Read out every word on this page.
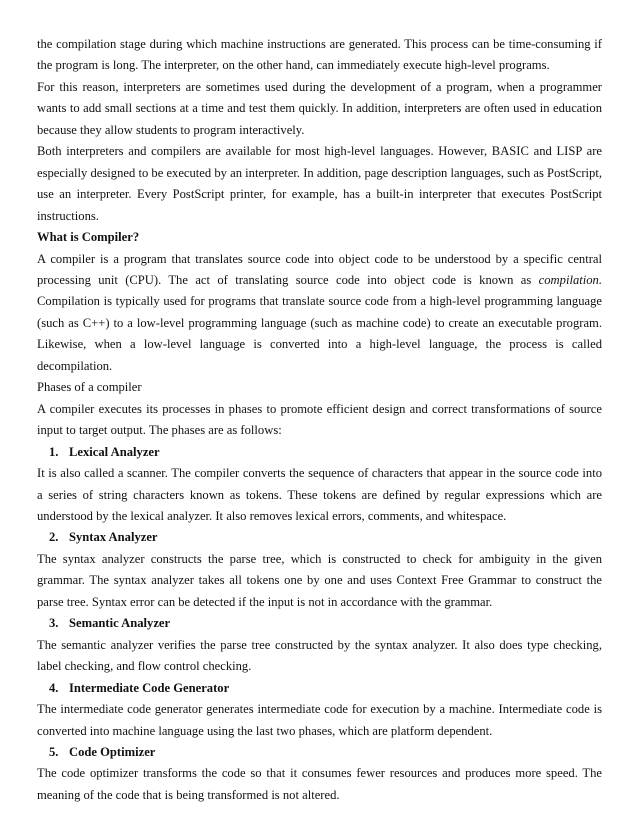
the compilation stage during which machine instructions are generated. This process can be time-consuming if the program is long. The interpreter, on the other hand, can immediately execute high-level programs.

For this reason, interpreters are sometimes used during the development of a program, when a programmer wants to add small sections at a time and test them quickly. In addition, interpreters are often used in education because they allow students to program interactively.

Both interpreters and compilers are available for most high-level languages. However, BASIC and LISP are especially designed to be executed by an interpreter. In addition, page description languages, such as PostScript, use an interpreter. Every PostScript printer, for example, has a built-in interpreter that executes PostScript instructions.

What is Compiler?

A compiler is a program that translates source code into object code to be understood by a specific central processing unit (CPU). The act of translating source code into object code is known as compilation. Compilation is typically used for programs that translate source code from a high-level programming language (such as C++) to a low-level programming language (such as machine code) to create an executable program. Likewise, when a low-level language is converted into a high-level language, the process is called decompilation.

Phases of a compiler

A compiler executes its processes in phases to promote efficient design and correct transformations of source input to target output. The phases are as follows:

1. Lexical Analyzer

It is also called a scanner. The compiler converts the sequence of characters that appear in the source code into a series of string characters known as tokens. These tokens are defined by regular expressions which are understood by the lexical analyzer. It also removes lexical errors, comments, and whitespace.

2. Syntax Analyzer

The syntax analyzer constructs the parse tree, which is constructed to check for ambiguity in the given grammar. The syntax analyzer takes all tokens one by one and uses Context Free Grammar to construct the parse tree. Syntax error can be detected if the input is not in accordance with the grammar.

3. Semantic Analyzer

The semantic analyzer verifies the parse tree constructed by the syntax analyzer. It also does type checking, label checking, and flow control checking.

4. Intermediate Code Generator

The intermediate code generator generates intermediate code for execution by a machine. Intermediate code is converted into machine language using the last two phases, which are platform dependent.

5. Code Optimizer

The code optimizer transforms the code so that it consumes fewer resources and produces more speed. The meaning of the code that is being transformed is not altered.
